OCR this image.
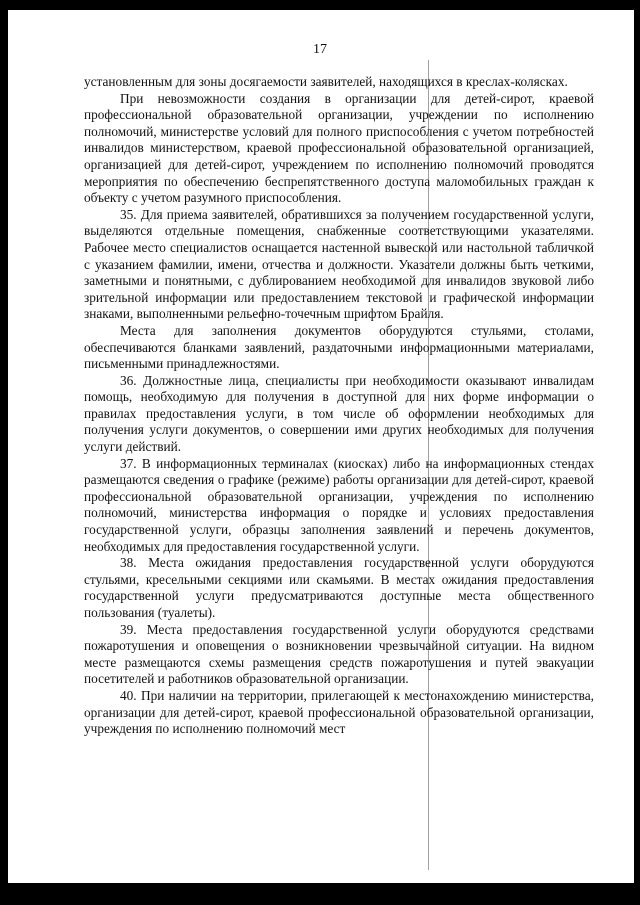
17

установленным для зоны досягаемости заявителей, находящихся в креслах-колясках.

При невозможности создания в организации для детей-сирот, краевой профессиональной образовательной организации, учреждении по исполнению полномочий, министерстве условий для полного приспособления с учетом потребностей инвалидов министерством, краевой профессиональной образовательной организацией, организацией для детей-сирот, учреждением по исполнению полномочий проводятся мероприятия по обеспечению беспрепятственного доступа маломобильных граждан к объекту с учетом разумного приспособления.

35. Для приема заявителей, обратившихся за получением государственной услуги, выделяются отдельные помещения, снабженные соответствующими указателями. Рабочее место специалистов оснащается настенной вывеской или настольной табличкой с указанием фамилии, имени, отчества и должности. Указатели должны быть четкими, заметными и понятными, с дублированием необходимой для инвалидов звуковой либо зрительной информации или предоставлением текстовой и графической информации знаками, выполненными рельефно-точечным шрифтом Брайля.

Места для заполнения документов оборудуются стульями, столами, обеспечиваются бланками заявлений, раздаточными информационными материалами, письменными принадлежностями.

36. Должностные лица, специалисты при необходимости оказывают инвалидам помощь, необходимую для получения в доступной для них форме информации о правилах предоставления услуги, в том числе об оформлении необходимых для получения услуги документов, о совершении ими других необходимых для получения услуги действий.

37. В информационных терминалах (киосках) либо на информационных стендах размещаются сведения о графике (режиме) работы организации для детей-сирот, краевой профессиональной образовательной организации, учреждения по исполнению полномочий, министерства информация о порядке и условиях предоставления государственной услуги, образцы заполнения заявлений и перечень документов, необходимых для предоставления государственной услуги.

38. Места ожидания предоставления государственной услуги оборудуются стульями, кресельными секциями или скамьями. В местах ожидания предоставления государственной услуги предусматриваются доступные места общественного пользования (туалеты).

39. Места предоставления государственной услуги оборудуются средствами пожаротушения и оповещения о возникновении чрезвычайной ситуации. На видном месте размещаются схемы размещения средств пожаротушения и путей эвакуации посетителей и работников образовательной организации.

40. При наличии на территории, прилегающей к местонахождению министерства, организации для детей-сирот, краевой профессиональной образовательной организации, учреждения по исполнению полномочий мест
